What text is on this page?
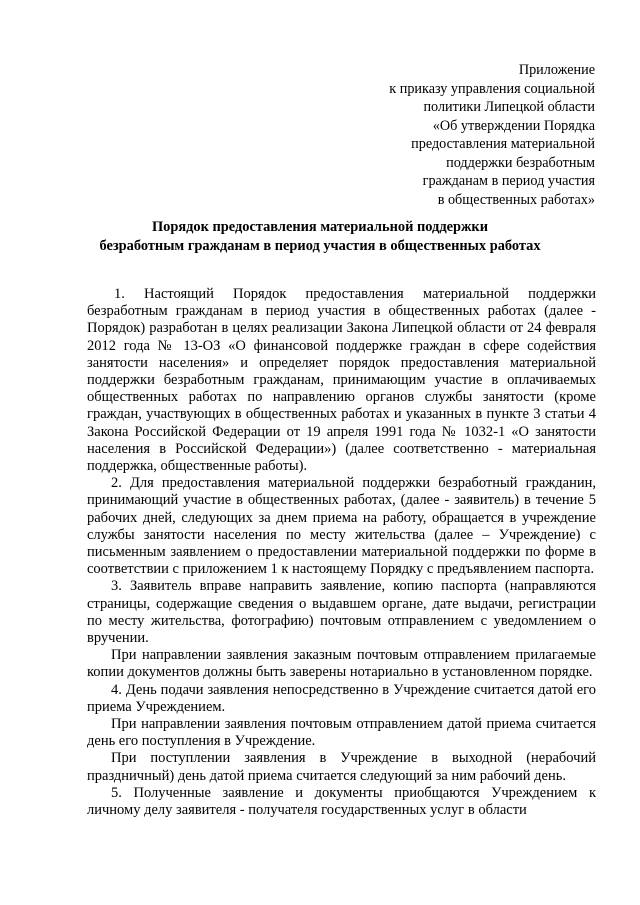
Приложение
к приказу управления социальной
политики Липецкой области
«Об утверждении Порядка
предоставления материальной
поддержки безработным
гражданам в период участия
в общественных работах»
Порядок предоставления материальной поддержки
безработным гражданам в период участия в общественных работах

1. Настоящий Порядок предоставления материальной поддержки безработным гражданам в период участия в общественных работах (далее - Порядок) разработан в целях реализации Закона Липецкой области от 24 февраля 2012 года № 13-ОЗ «О финансовой поддержке граждан в сфере содействия занятости населения» и определяет порядок предоставления материальной поддержки безработным гражданам, принимающим участие в оплачиваемых общественных работах по направлению органов службы занятости (кроме граждан, участвующих в общественных работах и указанных в пункте 3 статьи 4 Закона Российской Федерации от 19 апреля 1991 года № 1032-1 «О занятости населения в Российской Федерации») (далее соответственно - материальная поддержка, общественные работы).

2. Для предоставления материальной поддержки безработный гражданин, принимающий участие в общественных работах, (далее - заявитель) в течение 5 рабочих дней, следующих за днем приема на работу, обращается в учреждение службы занятости населения по месту жительства (далее – Учреждение) с письменным заявлением о предоставлении материальной поддержки по форме в соответствии с приложением 1 к настоящему Порядку с предъявлением паспорта.

3. Заявитель вправе направить заявление, копию паспорта (направляются страницы, содержащие сведения о выдавшем органе, дате выдачи, регистрации по месту жительства, фотографию) почтовым отправлением с уведомлением о вручении.

При направлении заявления заказным почтовым отправлением прилагаемые копии документов должны быть заверены нотариально в установленном порядке.

4. День подачи заявления непосредственно в Учреждение считается датой его приема Учреждением.

При направлении заявления почтовым отправлением датой приема считается день его поступления в Учреждение.

При поступлении заявления в Учреждение в выходной (нерабочий праздничный) день датой приема считается следующий за ним рабочий день.

5. Полученные заявление и документы приобщаются Учреждением к личному делу заявителя - получателя государственных услуг в области
